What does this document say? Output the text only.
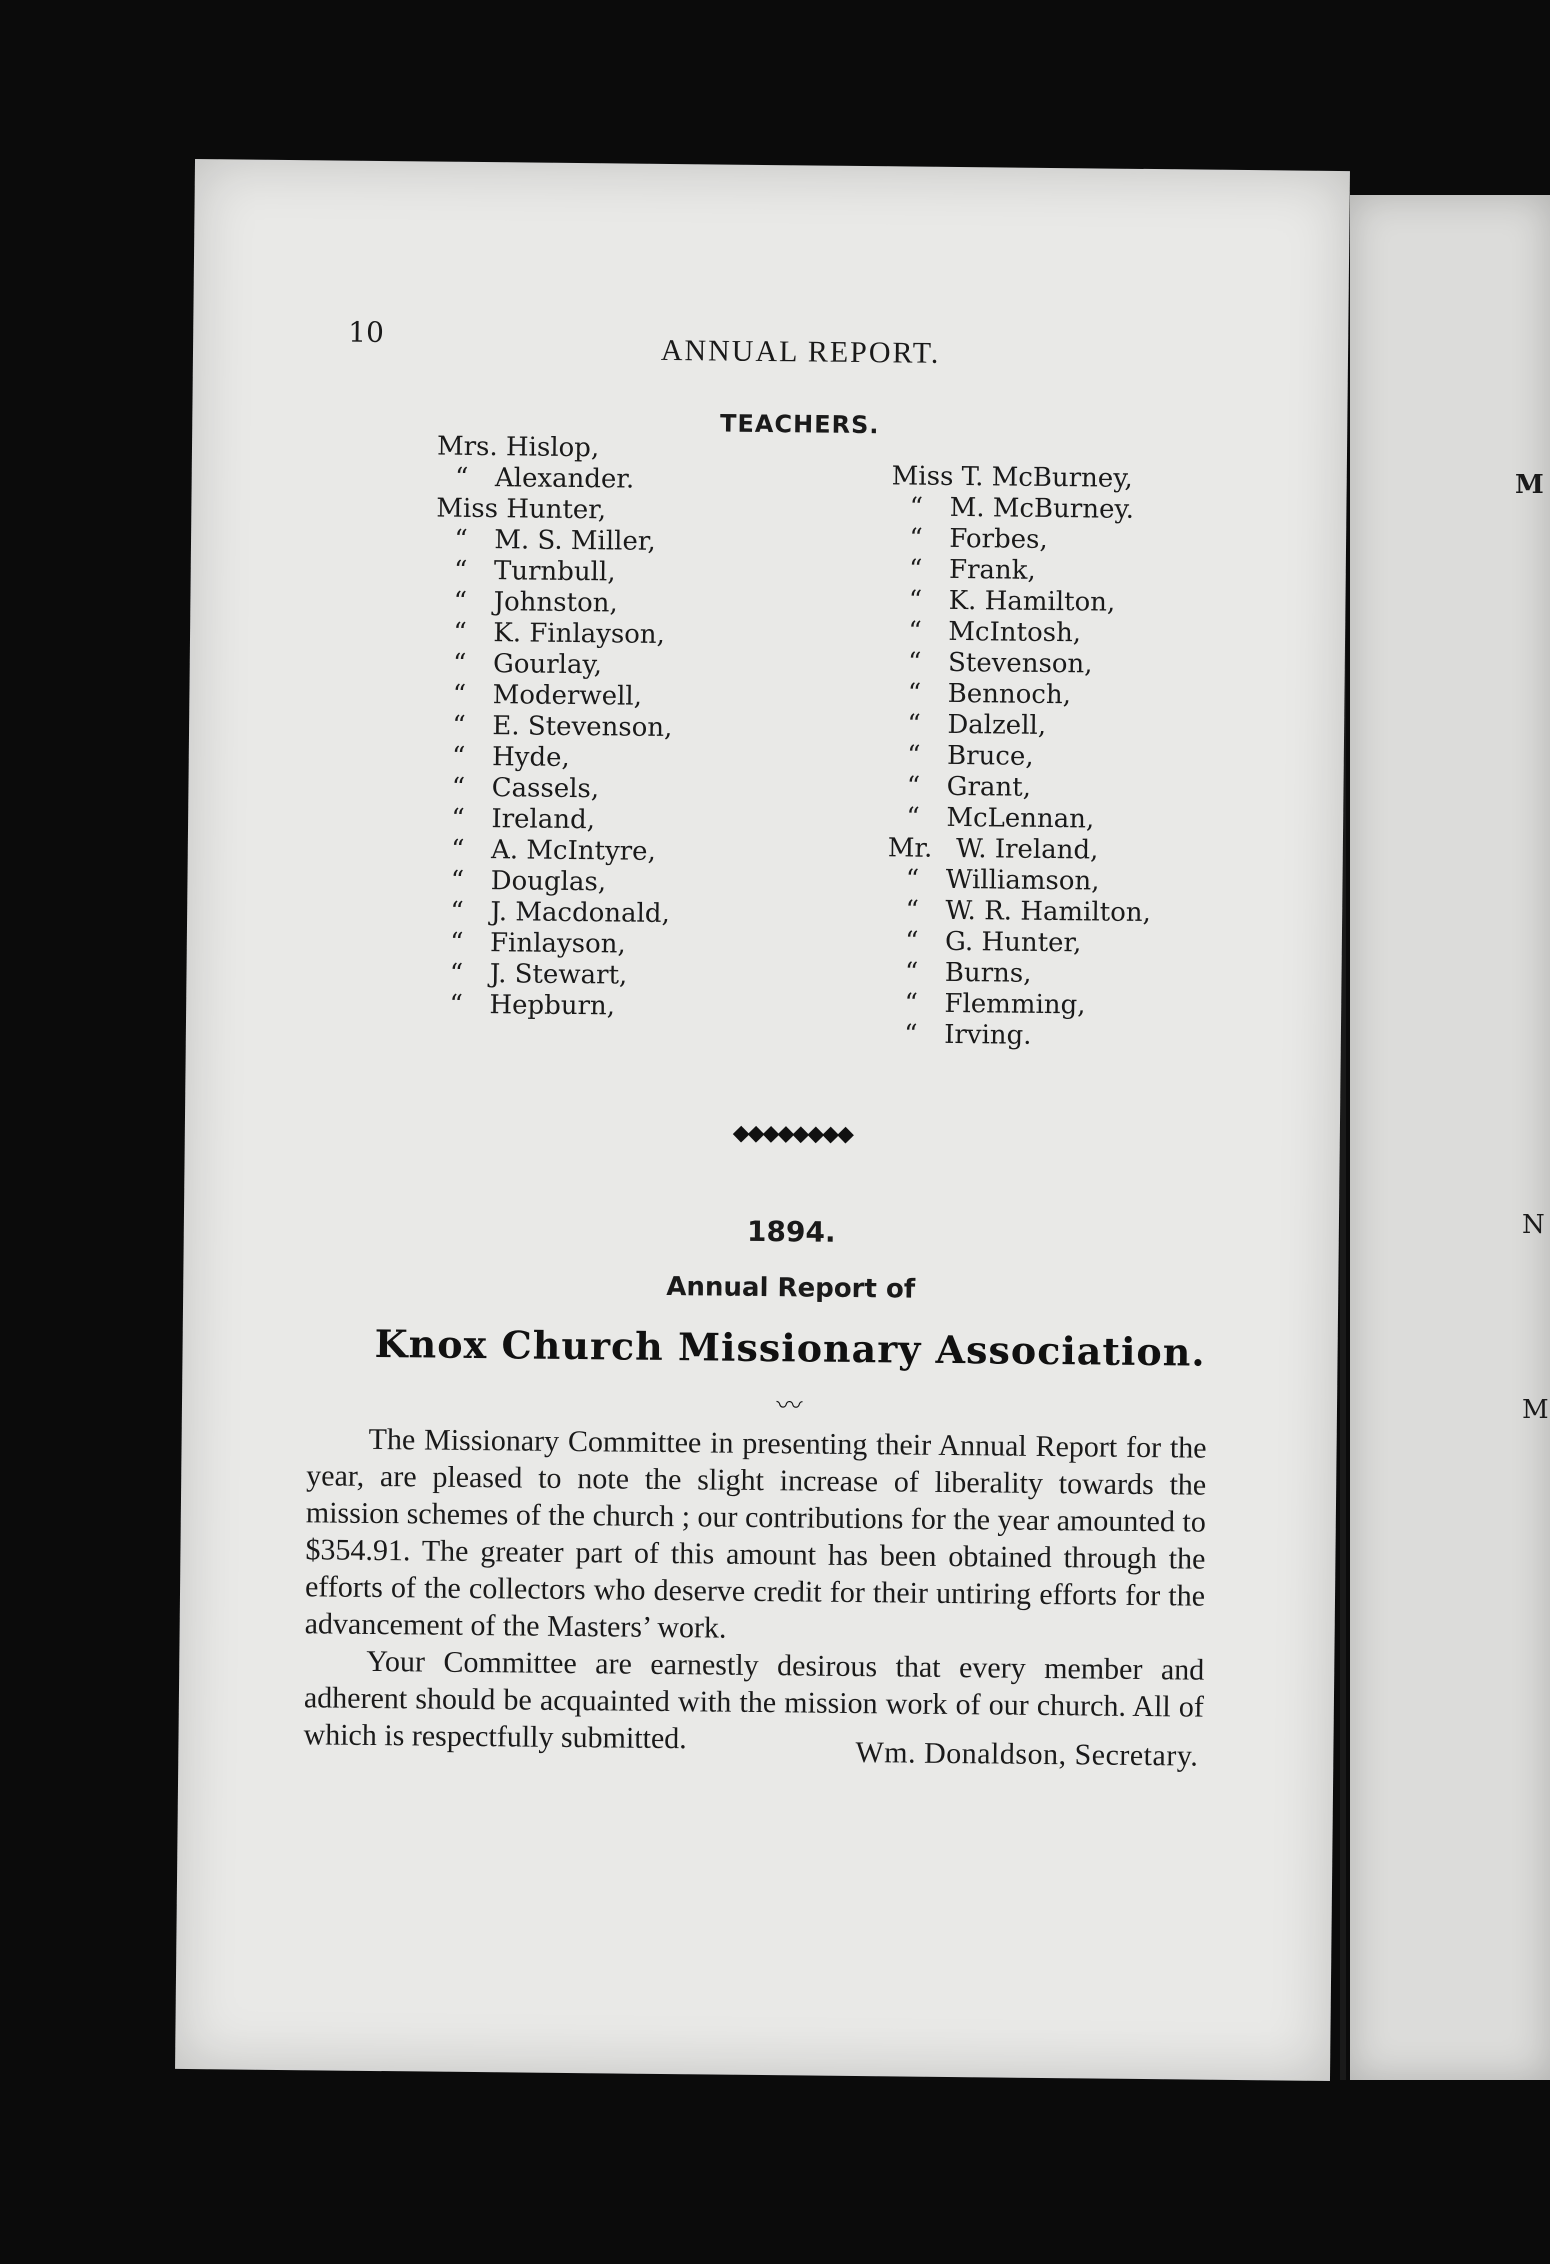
M
N
M
10
ANNUAL REPORT.
TEACHERS.
Mrs. Hislop,
“ Alexander.
Miss Hunter,
“ M. S. Miller,
“ Turnbull,
“ Johnston,
“ K. Finlayson,
“ Gourlay,
“ Moderwell,
“ E. Stevenson,
“ Hyde,
“ Cassels,
“ Ireland,
“ A. McIntyre,
“ Douglas,
“ J. Macdonald,
“ Finlayson,
“ J. Stewart,
“ Hepburn,
Miss T. McBurney,
“ M. McBurney.
“ Forbes,
“ Frank,
“ K. Hamilton,
“ McIntosh,
“ Stevenson,
“ Bennoch,
“ Dalzell,
“ Bruce,
“ Grant,
“ McLennan,
Mr. W. Ireland,
“ Williamson,
“ W. R. Hamilton,
“ G. Hunter,
“ Burns,
“ Flemming,
“ Irving.
◆◆◆◆◆◆◆◆
1894.
Annual Report of
Knox Church Missionary Association.
〰

The Missionary Committee in presenting their Annual Report for the year, are pleased to note the slight increase of liberality towards the mission schemes of the church ; our contributions for the year amounted to $354.91. The greater part of this amount has been obtained through the efforts of the collectors who deserve credit for their untiring efforts for the advancement of the Masters’ work.

Your Committee are earnestly desirous that every member and adherent should be acquainted with the mission work of our church. All of which is respectfully submitted.	Wm. Donaldson, Secretary.
